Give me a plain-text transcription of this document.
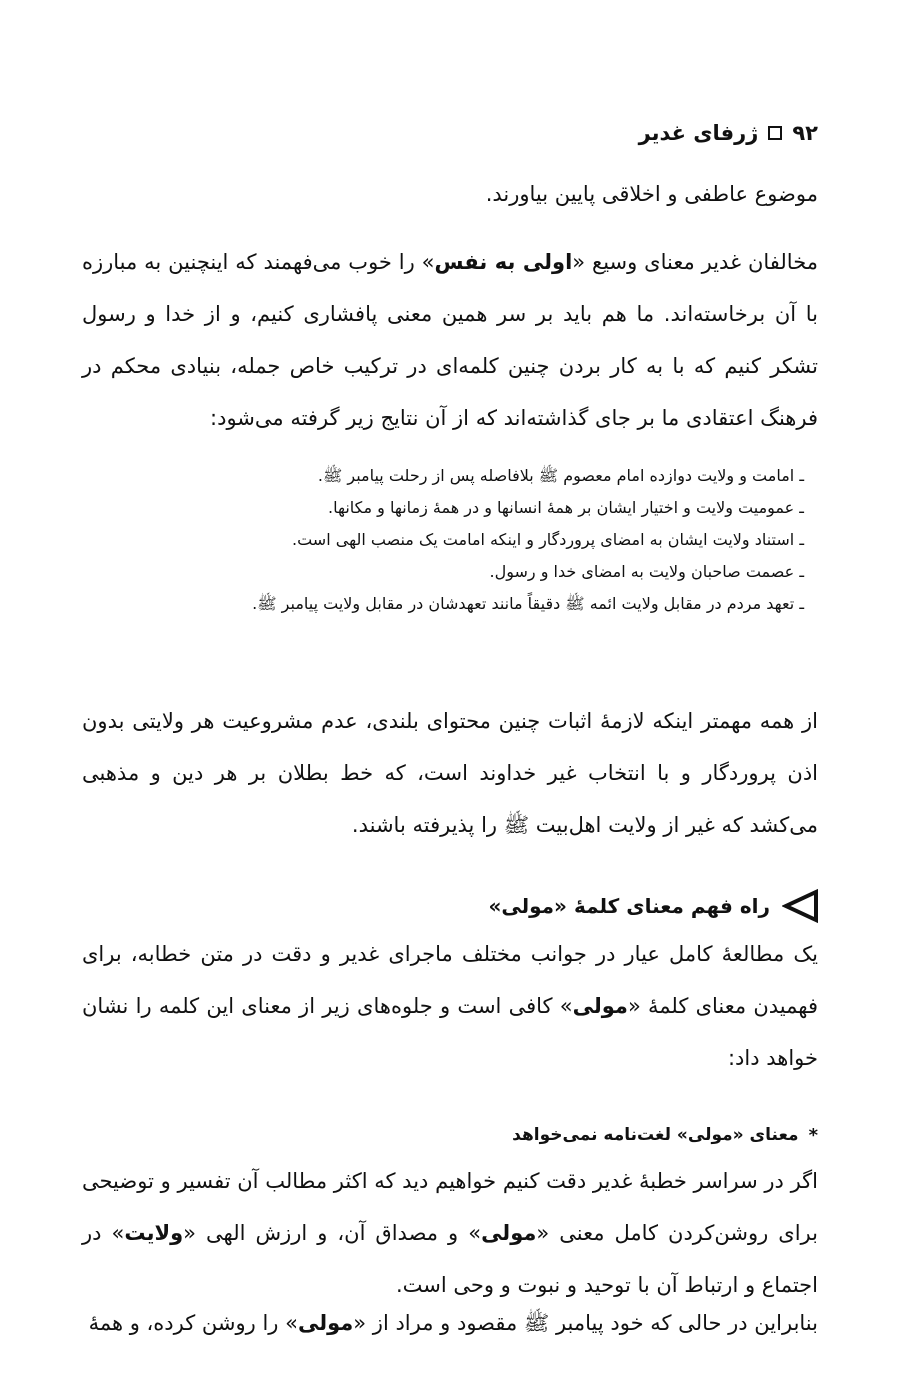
۹۲
ژرفای غدیر

موضوع عاطفی و اخلاقی پایین بیاورند.

مخالفان غدیر معنای وسیع «اولی به نفس» را خوب می‌فهمند که اینچنین به مبارزه با آن برخاسته‌اند. ما هم باید بر سر همین معنی پافشاری کنیم، و از خدا و رسول تشکر کنیم که با به کار بردن چنین کلمه‌ای در ترکیب خاص جمله، بنیادی محکم در فرهنگ اعتقادی ما بر جای گذاشته‌اند که از آن نتایج زیر گرفته می‌شود:

ـ امامت و ولایت دوازده امام معصوم ﷺ بلافاصله پس از رحلت پیامبر ﷺ.

ـ عمومیت ولایت و اختیار ایشان بر همهٔ انسانها و در همهٔ زمانها و مکانها.

ـ استناد ولایت ایشان به امضای پروردگار و اینکه امامت یک منصب الهی است.

ـ عصمت صاحبان ولایت به امضای خدا و رسول.

ـ تعهد مردم در مقابل ولایت ائمه ﷺ دقیقاً مانند تعهدشان در مقابل ولایت پیامبر ﷺ.

از همه مهمتر اینکه لازمهٔ اثبات چنین محتوای بلندی، عدم مشروعیت هر ولایتی بدون اذن پروردگار و با انتخاب غیر خداوند است، که خط بطلان بر هر دین و مذهبی می‌کشد که غیر از ولایت اهل‌بیت ﷺ را پذیرفته باشند.

راه فهم معنای کلمهٔ «مولی»

یک مطالعهٔ کامل عیار در جوانب مختلف ماجرای غدیر و دقت در متن خطابه، برای فهمیدن معنای کلمهٔ «مولی» کافی است و جلوه‌های زیر از معنای این کلمه را نشان خواهد داد:

*
معنای «مولی» لغت‌نامه نمی‌خواهد

اگر در سراسر خطبهٔ غدیر دقت کنیم خواهیم دید که اکثر مطالب آن تفسیر و توضیحی برای روشن‌کردن کامل معنی «مولی» و مصداق آن، و ارزش الهی «ولایت» در اجتماع و ارتباط آن با توحید و نبوت و وحی است.

بنابراین در حالی که خود پیامبر ﷺ مقصود و مراد از «مولی» را روشن کرده، و همهٔ
